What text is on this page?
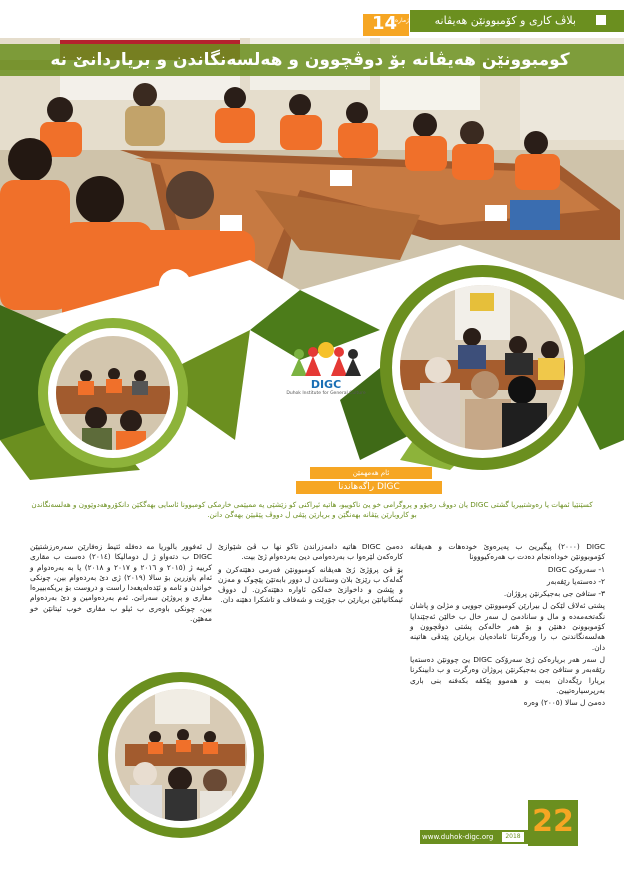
بلاڤ کاری و کۆمبوونێن ھەیڤانە
14
ژمارە
کومبوونێن ھەیڤانە بۆ دوڤچوون و ھەلسەنگاندن و بریاردانێ نە
DIGC
Duhok Institute for General Culture
ئام ھەمھمێن
راگەھاندنا DIGC
کسێنێیا ئمهات یا رەوشتییریا گشتی DIGC یان دووڤ رەیۆو و پروگرامی خو یێ ناکوییو، هاتیە ئیراکنی کو زێشێی یە ممیێمی خارمکی کومبوونا ئاسایی بھەگکێن دانکۆروھەدوێوون و هەلسەنگاندن بو کاروبارێن یێڤانە بھەنگێن و بریارێن پێڤی ل دووڤ پێڤیێن بھەگێ دانن.

DIGC (٢٠٠٠) پیگیریێ ب پەیرەوێ خودەھات و ھەیڤانە کۆموبوونێن خوداەنجام دەدت ب ھەرەکیووونا

١- سەروکێ DIGC

٢- دەستەیا رێڤەبەر

٣- ستافێ جی بەجیکرنێن پرۆژان.

پشتی ئەلاڤ لێکێ ل بیرارێن کومبوونێن جوویی و مژلێ و پاشان نگەتخەمەدە و مال و سانادمێ ل سەر خال ب خالێن ئەجێندایا کۆموبوونێ دھنێن و بۆ ھەر خالەکێ پشتی دوڤچوون و ھەلسەنگاندنێ ب را ورەگرتنا ئامادەیان بریارێن پێدڤی ھاتینە دان.

ل سەر ھەر بریارەکێ ژێ سەرۆکێ DIGC یێ چوونێن دەستەیا رێڤەبەر و ستافێ جێ بەجیکرنێن پروژان وەرگرت و ب دابینکرنا بریارا رێگەدان بەیت و ھەموو پێکڤە بکەفنە بنی باری بەرپرسیارەتییێ.

دەمێ ل سالا (٢٠٠٥) وەرە

دەمێ DIGC ھاتیە دامەزراندن تاکو نھا ب ڤێ شێوازێ کارەکەن لێرەوا ب بەردەوامی دیێ بەردەوام ژێ بیت.

بۆ ڤێ پرۆژێ ژێ ھەیڤانە کومبوونێن فەرمی دھێتەکرن و گەلەک ب رێزێ بلان وستاندن ل دوور بابەتێن پێچوک و مەزن و پێشێ و داخوازێ خەلکێ ئاوارە دھێتەکرن. ل دووڤ ئیمکانیاتێن بریارێن ب جۆرێت و شەفاف و تاشکرا دھێنە دان.

ل ئەفوور بالوریا مە دەفلە ئتیط زەفارێن سەرەرزشتیێن DIGC ب دتەواو ژ ل دومالیکا (٢٠١٤) دەست ب مقاری کرییە ژ (٢٠١٥ و ٢٠١٦ و ٢٠١٧ و ٢٠١٨) یا بە بەرەدوام و ئەام یاوزرین بۆ سالا (٢٠١٩) ژی دێ بەردەوام بین، چونکی خواندن و ئامە و ئێدەلەیغەدا راست و دروست بۆ بریکەبییرەا مقاری و پروژێن سەرانێ. ئەم بەردەوامین و دێ بەردەوام بین، چونکی باوەری ب ئیلو ب مقاری خوب ئیتانێن خو مەھێن.

www.duhok-digc.org	2018 22
